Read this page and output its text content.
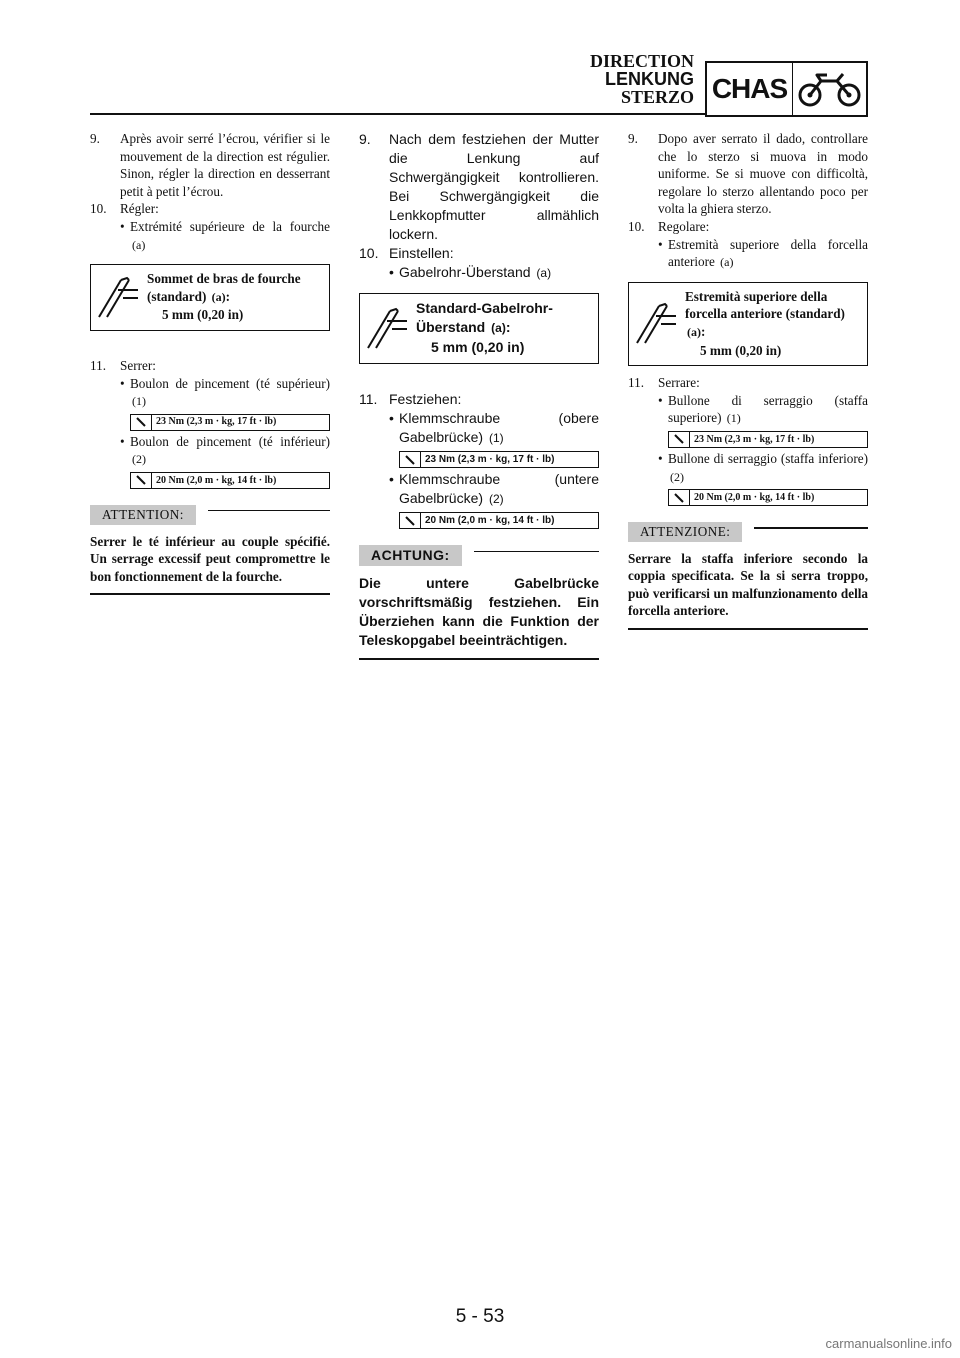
DIRECTION
LENKUNG
STERZO CHAS
9.	Après avoir serré l’écrou, vérifier si le mouvement de la direction est régulier. Sinon, régler la direction en desserrant petit à petit l’écrou.
10.	Régler:
• Extrémité supérieure de la fourche (a)
Sommet de bras de fourche (standard) (a):
5 mm (0,20 in)
11.	Serrer:
• Boulon de pincement (té supérieur) (1)
23 Nm (2,3 m · kg, 17 ft · lb)
• Boulon de pincement (té inférieur) (2)
20 Nm (2,0 m · kg, 14 ft · lb)
ATTENTION:
Serrer le té inférieur au couple spécifié. Un serrage excessif peut compromettre le bon fonctionnement de la fourche.
9.	Nach dem festziehen der Mutter die Lenkung auf Schwergängigkeit kontrollieren. Bei Schwergängigkeit die Lenkkopfmutter allmählich lockern.
10. Einstellen:
• Gabelrohr-Überstand (a)
Standard-Gabelrohr-Überstand (a):
5 mm (0,20 in)
11. Festziehen:
• Klemmschraube (obere Gabelbrücke) (1)
23 Nm (2,3 m · kg, 17 ft · lb)
• Klemmschraube (untere Gabelbrücke) (2)
20 Nm (2,0 m · kg, 14 ft · lb)
ACHTUNG:
Die untere Gabelbrücke vorschriftsmäßig festziehen. Ein Überziehen kann die Funktion der Teleskopgabel beeinträchtigen.
9.	Dopo aver serrato il dado, controllare che lo sterzo si muova in modo uniforme. Se si muove con difficoltà, regolare lo sterzo allentando poco per volta la ghiera sterzo.
10.	Regolare:
• Estremità superiore della forcella anteriore (a)
Estremità superiore della forcella anteriore (standard) (a):
5 mm (0,20 in)
11.	Serrare:
• Bullone di serraggio (staffa superiore) (1)
23 Nm (2,3 m · kg, 17 ft · lb)
• Bullone di serraggio (staffa inferiore) (2)
20 Nm (2,0 m · kg, 14 ft · lb)
ATTENZIONE:
Serrare la staffa inferiore secondo la coppia specificata. Se la si serra troppo, può verificarsi un malfunzionamento della forcella anteriore.
5 - 53
carmanualsonline.info
